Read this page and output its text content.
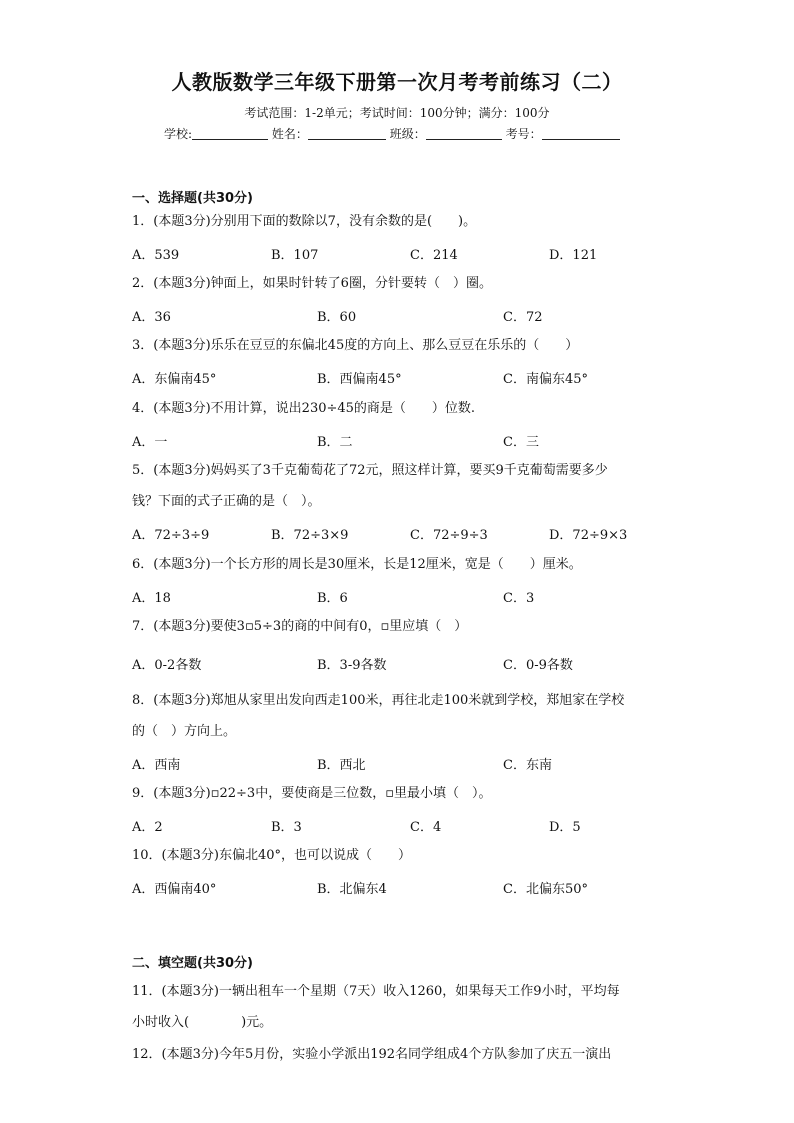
人教版数学三年级下册第一次月考考前练习（二）
考试范围：1-2单元；考试时间：100分钟；满分：100分
学校:	姓名：	班级：	考号：
一、选择题(共30分)
1．(本题3分)分别用下面的数除以7，没有余数的是(　　)。
A．539	B．107	C．214	D．121
2．(本题3分)钟面上，如果时针转了6圈，分针要转（　）圈。
A．36	B．60	C．72
3．(本题3分)乐乐在豆豆的东偏北45度的方向上、那么豆豆在乐乐的（　　）
A．东偏南45°	B．西偏南45°	C．南偏东45°
4．(本题3分)不用计算，说出230÷45的商是（　　）位数.
A．一	B．二	C．三
5．(本题3分)妈妈买了3千克葡萄花了72元，照这样计算，要买9千克葡萄需要多少
钱？下面的式子正确的是（　）。
A．72÷3÷9	B．72÷3×9	C．72÷9÷3	D．72÷9×3
6．(本题3分)一个长方形的周长是30厘米，长是12厘米，宽是（　　）厘米。
A．18	B．6	C．3
7．(本题3分)要使3▫5÷3的商的中间有0，▫里应填（　）
A．0-2各数	B．3-9各数	C．0-9各数
8．(本题3分)郑旭从家里出发向西走100米，再往北走100米就到学校，郑旭家在学校
的（　）方向上。
A．西南	B．西北	C．东南
9．(本题3分)▫22÷3中，要使商是三位数，▫里最小填（　）。
A．2	B．3	C．4	D．5
10．(本题3分)东偏北40°，也可以说成（　　）
A．西偏南40°	B．北偏东4	C．北偏东50°
二、填空题(共30分)
11．(本题3分)一辆出租车一个星期（7天）收入1260，如果每天工作9小时，平均每
小时收入(　　　　)元。
12．(本题3分)今年5月份，实验小学派出192名同学组成4个方队参加了庆五一演出
